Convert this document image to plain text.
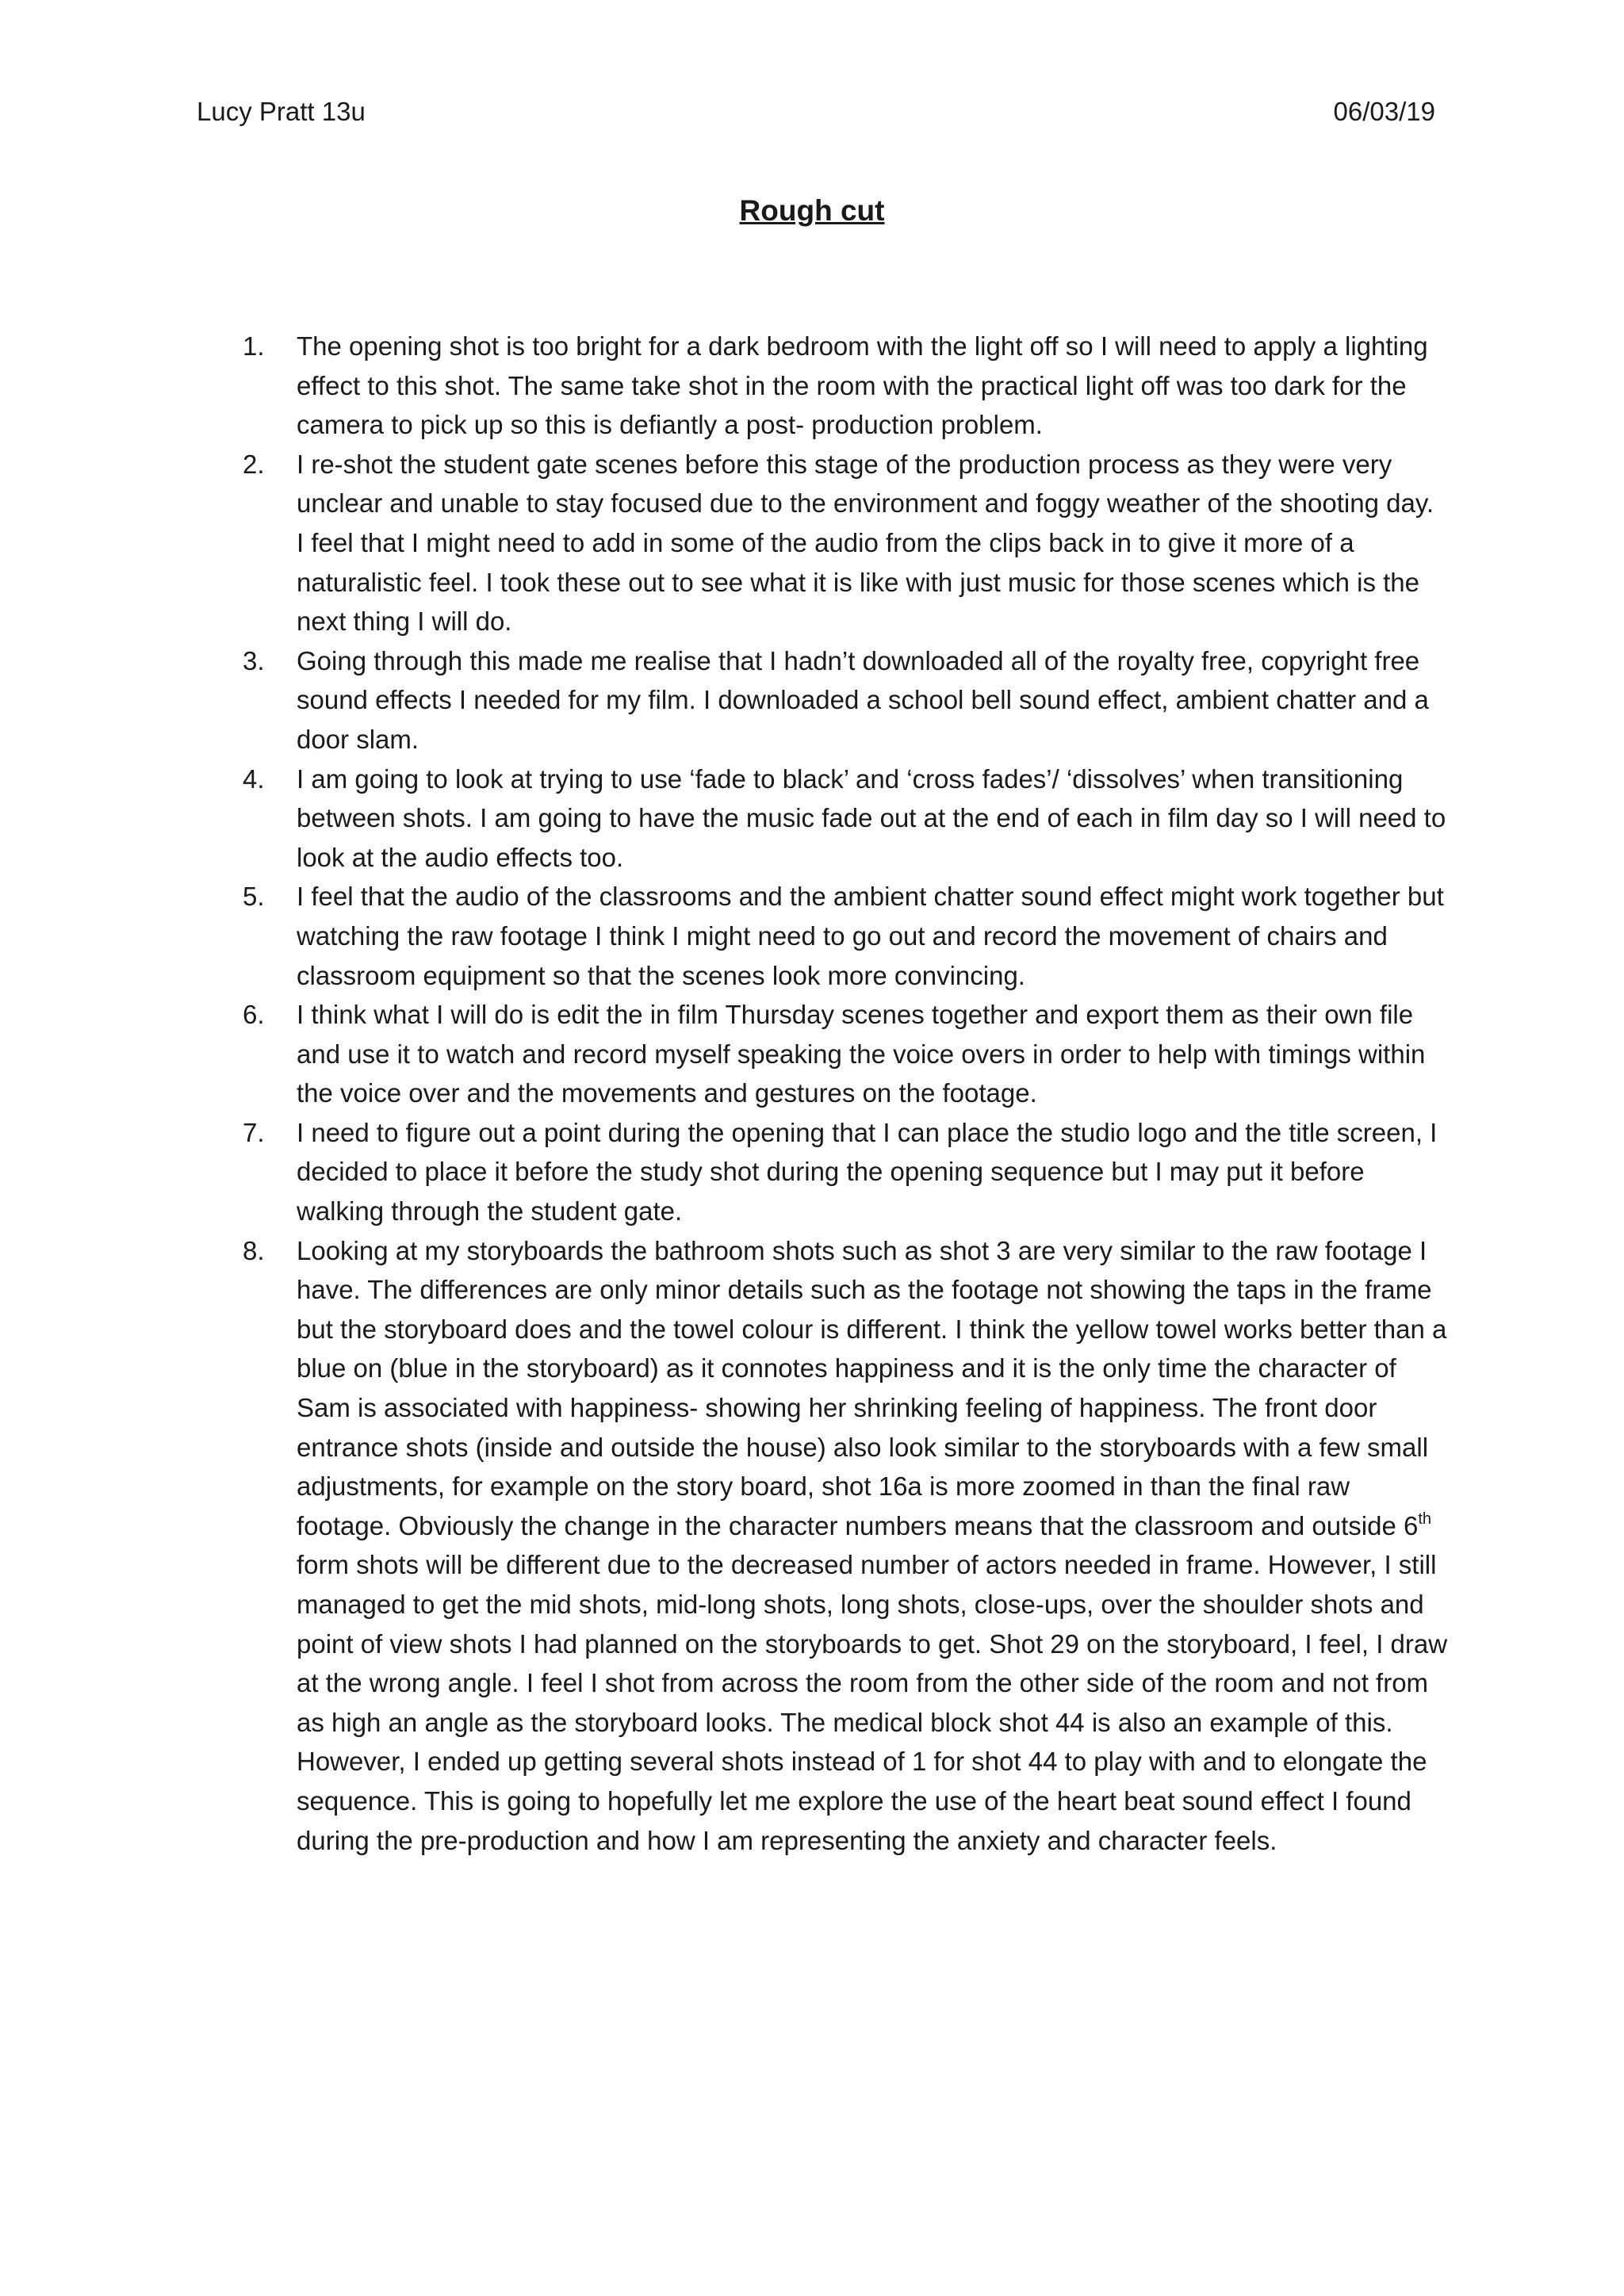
Lucy Pratt 13u	06/03/19
Rough cut
1. The opening shot is too bright for a dark bedroom with the light off so I will need to apply a lighting effect to this shot. The same take shot in the room with the practical light off was too dark for the camera to pick up so this is defiantly a post- production problem.
2. I re-shot the student gate scenes before this stage of the production process as they were very unclear and unable to stay focused due to the environment and foggy weather of the shooting day. I feel that I might need to add in some of the audio from the clips back in to give it more of a naturalistic feel. I took these out to see what it is like with just music for those scenes which is the next thing I will do.
3. Going through this made me realise that I hadn’t downloaded all of the royalty free, copyright free sound effects I needed for my film. I downloaded a school bell sound effect, ambient chatter and a door slam.
4. I am going to look at trying to use ‘fade to black’ and ‘cross fades’/ ‘dissolves’ when transitioning between shots. I am going to have the music fade out at the end of each in film day so I will need to look at the audio effects too.
5. I feel that the audio of the classrooms and the ambient chatter sound effect might work together but watching the raw footage I think I might need to go out and record the movement of chairs and classroom equipment so that the scenes look more convincing.
6. I think what I will do is edit the in film Thursday scenes together and export them as their own file and use it to watch and record myself speaking the voice overs in order to help with timings within the voice over and the movements and gestures on the footage.
7. I need to figure out a point during the opening that I can place the studio logo and the title screen, I decided to place it before the study shot during the opening sequence but I may put it before walking through the student gate.
8. Looking at my storyboards the bathroom shots such as shot 3 are very similar to the raw footage I have. The differences are only minor details such as the footage not showing the taps in the frame but the storyboard does and the towel colour is different. I think the yellow towel works better than a blue on (blue in the storyboard) as it connotes happiness and it is the only time the character of Sam is associated with happiness- showing her shrinking feeling of happiness. The front door entrance shots (inside and outside the house) also look similar to the storyboards with a few small adjustments, for example on the story board, shot 16a is more zoomed in than the final raw footage. Obviously the change in the character numbers means that the classroom and outside 6th form shots will be different due to the decreased number of actors needed in frame. However, I still managed to get the mid shots, mid-long shots, long shots, close-ups, over the shoulder shots and point of view shots I had planned on the storyboards to get. Shot 29 on the storyboard, I feel, I draw at the wrong angle. I feel I shot from across the room from the other side of the room and not from as high an angle as the storyboard looks. The medical block shot 44 is also an example of this. However, I ended up getting several shots instead of 1 for shot 44 to play with and to elongate the sequence. This is going to hopefully let me explore the use of the heart beat sound effect I found during the pre-production and how I am representing the anxiety and character feels.
